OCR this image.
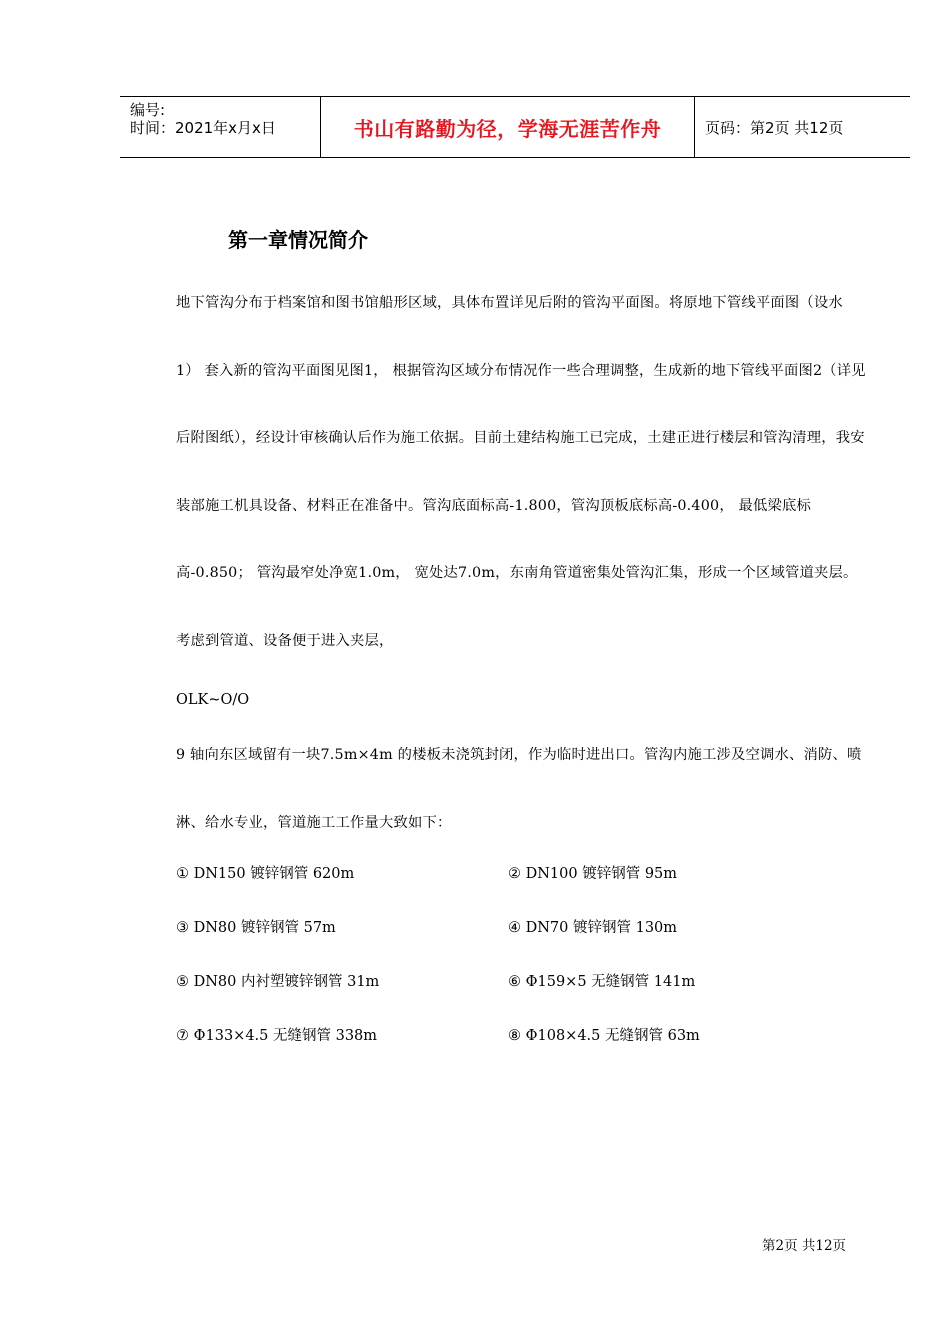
编号:
时间：2021年x月x日	书山有路勤为径，学海无涯苦作舟	页码：第2页 共12页
第一章情况简介

地下管沟分布于档案馆和图书馆船形区域，具体布置详见后附的管沟平面图。将原地下管线平面图（设水1） 套入新的管沟平面图见图1， 根据管沟区域分布情况作一些合理调整，生成新的地下管线平面图2（详见后附图纸），经设计审核确认后作为施工依据。目前土建结构施工已完成，土建正进行楼层和管沟清理，我安装部施工机具设备、材料正在准备中。管沟底面标高-1.800，管沟顶板底标高-0.400， 最低梁底标高-0.850； 管沟最窄处净宽1.0m， 宽处达7.0m，东南角管道密集处管沟汇集，形成一个区域管道夹层。考虑到管道、设备便于进入夹层，

OLK~O/O

9 轴向东区域留有一块7.5m×4m 的楼板未浇筑封闭，作为临时进出口。管沟内施工涉及空调水、消防、喷淋、给水专业，管道施工工作量大致如下：

① DN150 镀锌钢管 620m	② DN100 镀锌钢管 95m
③ DN80 镀锌钢管 57m	④ DN70 镀锌钢管 130m
⑤ DN80 内衬塑镀锌钢管 31m	⑥ Φ159×5 无缝钢管 141m
⑦ Φ133×4.5 无缝钢管 338m	⑧ Φ108×4.5 无缝钢管 63m
第2页 共12页
